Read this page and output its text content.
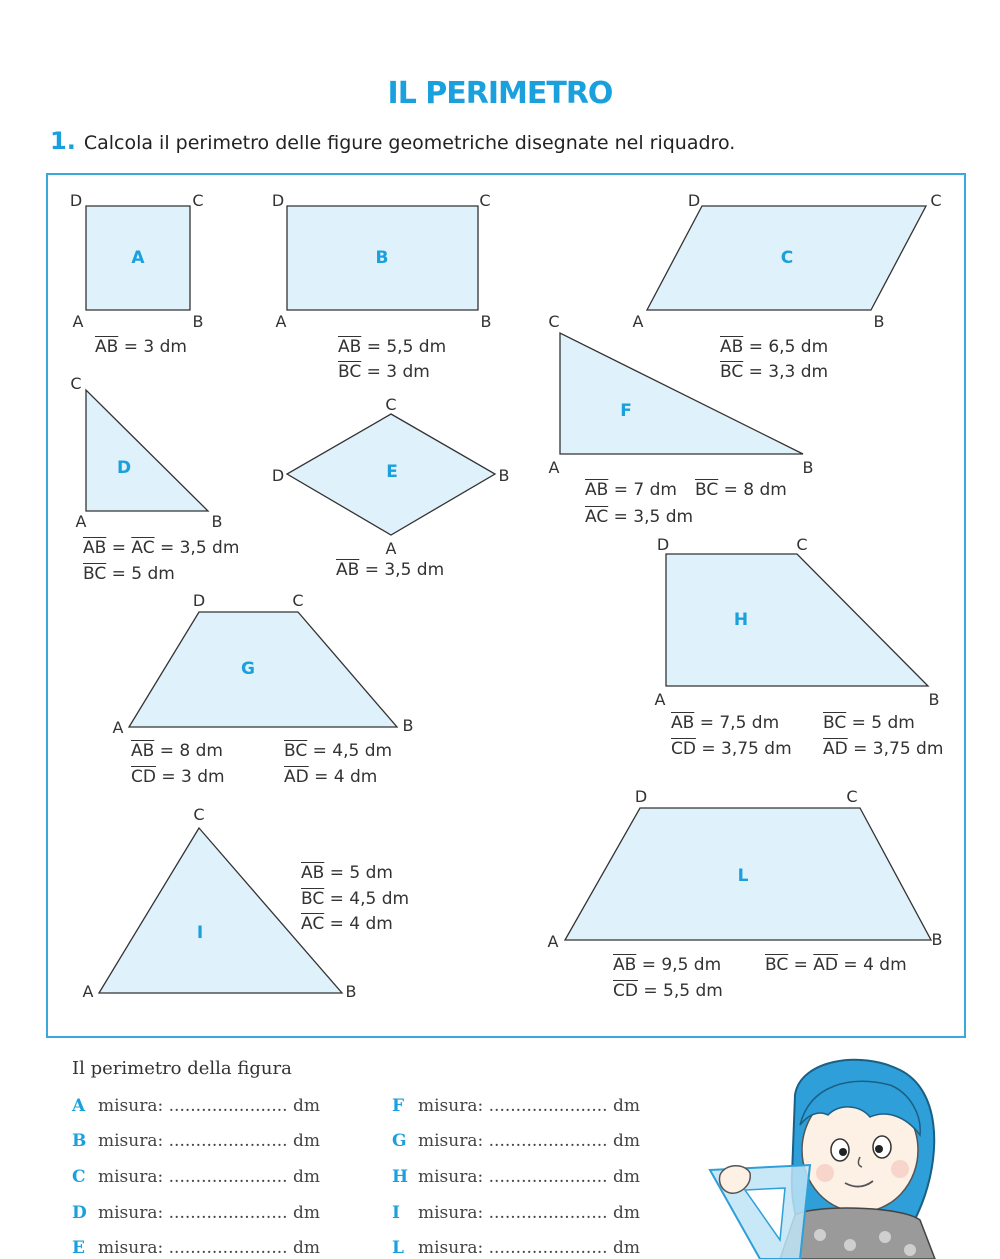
IL PERIMETRO
1. Calcola il perimetro delle figure geometriche disegnate nel riquadro.
A	B	C
D	E
F
G
H
I
L
D	C
A	B
D	C
A	B
D	C
A	B
C
A	B
C
D	B
A
C
A	B
D	C
A	B
D	C
A	B
C
A	B
D	C
A	B
$\overline{AB} = 3$ dm	$\overline{AB} = 5,5$ dm
$\overline{BC} = 3$ dm
$\overline{AB} = 6,5$ dm
$\overline{BC} = 3,3$ dm
$\overline{AB} = \overline{AC} = 3,5$ dm
$\overline{BC} = 5$ dm	$\overline{AB} = 3,5$ dm
$\overline{AB} = 7$ dm $\overline{BC} = 8$ dm
$\overline{AC} = 3,5$ dm
$\overline{AB} = 8$ dm
$\overline{CD} = 3$ dm
$\overline{BC} = 4,5$ dm
$\overline{AD} = 4$ dm
$\overline{AB} = 7,5$ dm
$\overline{CD} = 3,75$ dm
$\overline{BC} = 5$ dm
$\overline{AD} = 3,75$ dm
$\overline{AB} = 5$ dm
$\overline{BC} = 4,5$ dm
$\overline{AC} = 4$ dm
$\overline{AB} = 9,5$ dm
$\overline{CD} = 5,5$ dm
$\overline{BC} = \overline{AD} = 4$ dm
Il perimetro della figura
A misura: ...................... dm
B misura: ...................... dm
C misura: ...................... dm
D misura: ...................... dm
E misura: ...................... dm
F misura: ...................... dm
G misura: ...................... dm
H misura: ...................... dm
I misura: ...................... dm
L misura: ...................... dm
